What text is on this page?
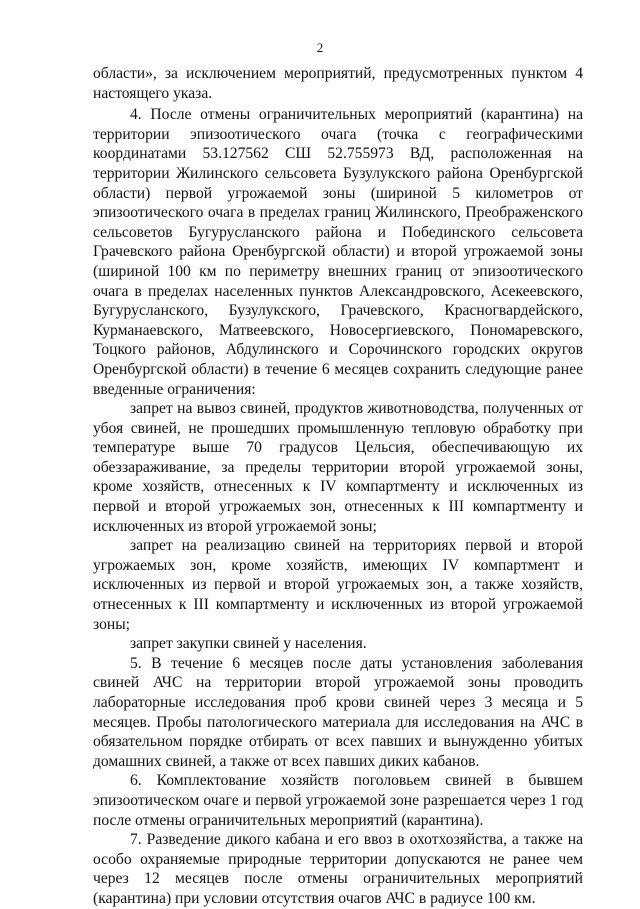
2

области», за исключением мероприятий, предусмотренных пунктом 4 настоящего указа.

4. После отмены ограничительных мероприятий (карантина) на территории эпизоотического очага (точка с географическими координатами 53.127562 СШ 52.755973 ВД, расположенная на территории Жилинского сельсовета Бузулукского района Оренбургской области) первой угрожаемой зоны (шириной 5 километров от эпизоотического очага в пределах границ Жилинского, Преображенского сельсоветов Бугурусланского района и Побединского сельсовета Грачевского района Оренбургской области) и второй угрожаемой зоны (шириной 100 км по периметру внешних границ от эпизоотического очага в пределах населенных пунктов Александровского, Асекеевского, Бугурусланского, Бузулукского, Грачевского, Красногвардейского, Курманаевского, Матвеевского, Новосергиевского, Пономаревского, Тоцкого районов, Абдулинского и Сорочинского городских округов Оренбургской области) в течение 6 месяцев сохранить следующие ранее введенные ограничения:

запрет на вывоз свиней, продуктов животноводства, полученных от убоя свиней, не прошедших промышленную тепловую обработку при температуре выше 70 градусов Цельсия, обеспечивающую их обеззараживание, за пределы территории второй угрожаемой зоны, кроме хозяйств, отнесенных к IV компартменту и исключенных из первой и второй угрожаемых зон, отнесенных к III компартменту и исключенных из второй угрожаемой зоны;

запрет на реализацию свиней на территориях первой и второй угрожаемых зон, кроме хозяйств, имеющих IV компартмент и исключенных из первой и второй угрожаемых зон, а также хозяйств, отнесенных к III компартменту и исключенных из второй угрожаемой зоны;

запрет закупки свиней у населения.

5. В течение 6 месяцев после даты установления заболевания свиней АЧС на территории второй угрожаемой зоны проводить лабораторные исследования проб крови свиней через 3 месяца и 5 месяцев. Пробы патологического материала для исследования на АЧС в обязательном порядке отбирать от всех павших и вынужденно убитых домашних свиней, а также от всех павших диких кабанов.

6. Комплектование хозяйств поголовьем свиней в бывшем эпизоотическом очаге и первой угрожаемой зоне разрешается через 1 год после отмены ограничительных мероприятий (карантина).

7. Разведение дикого кабана и его ввоз в охотхозяйства, а также на особо охраняемые природные территории допускаются не ранее чем через 12 месяцев после отмены ограничительных мероприятий (карантина) при условии отсутствия очагов АЧС в радиусе 100 км.
